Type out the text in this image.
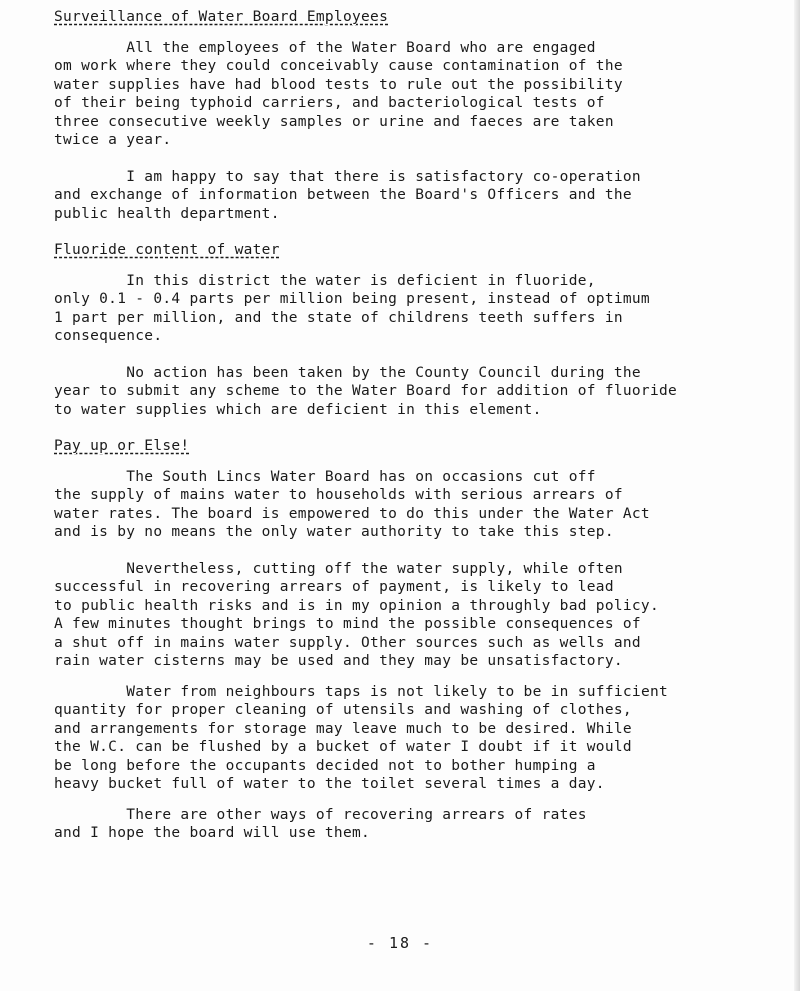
Surveillance of Water Board Employees

All the employees of the Water Board who are engaged
om work where they could conceivably cause contamination of the
water supplies have had blood tests to rule out the possibility
of their being typhoid carriers, and bacteriological tests of
three consecutive weekly samples or urine and faeces are taken
twice a year.

I am happy to say that there is satisfactory co-operation
and exchange of information between the Board's Officers and the
public health department.

Fluoride content of water

In this district the water is deficient in fluoride,
only 0.1 - 0.4 parts per million being present, instead of optimum
1 part per million, and the state of childrens teeth suffers in
consequence.

No action has been taken by the County Council during the
year to submit any scheme to the Water Board for addition of fluoride
to water supplies which are deficient in this element.

Pay up or Else!

The South Lincs Water Board has on occasions cut off
the supply of mains water to households with serious arrears of
water rates. The board is empowered to do this under the Water Act
and is by no means the only water authority to take this step.

Nevertheless, cutting off the water supply, while often
successful in recovering arrears of payment, is likely to lead
to public health risks and is in my opinion a throughly bad policy.
A few minutes thought brings to mind the possible consequences of
a shut off in mains water supply. Other sources such as wells and
rain water cisterns may be used and they may be unsatisfactory.

Water from neighbours taps is not likely to be in sufficient
quantity for proper cleaning of utensils and washing of clothes,
and arrangements for storage may leave much to be desired. While
the W.C. can be flushed by a bucket of water I doubt if it would
be long before the occupants decided not to bother humping a
heavy bucket full of water to the toilet several times a day.

There are other ways of recovering arrears of rates
and I hope the board will use them.

- 18 -
